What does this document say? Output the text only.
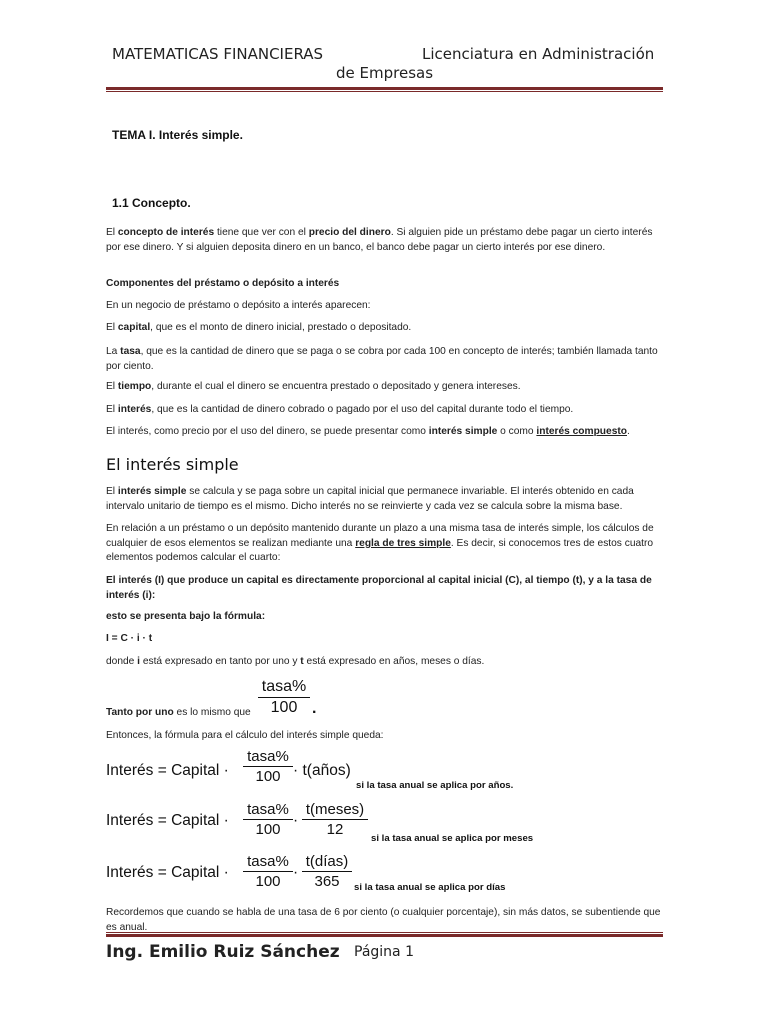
MATEMATICAS FINANCIERAS	Licenciatura en Administración
de Empresas
TEMA I. Interés simple.
1.1 Concepto.
El concepto de interés tiene que ver con el precio del dinero. Si alguien pide un préstamo debe pagar un cierto interés por ese dinero. Y si alguien deposita dinero en un banco, el banco debe pagar un cierto interés por ese dinero.
Componentes del préstamo o depósito a interés
En un negocio de préstamo o depósito a interés aparecen:
El capital, que es el monto de dinero inicial, prestado o depositado.
La tasa, que es la cantidad de dinero que se paga o se cobra por cada 100 en concepto de interés; también llamada tanto por ciento.
El tiempo, durante el cual el dinero se encuentra prestado o depositado y genera intereses.
El interés, que es la cantidad de dinero cobrado o pagado por el uso del capital durante todo el tiempo.
El interés, como precio por el uso del dinero, se puede presentar como interés simple o como interés compuesto.
El interés simple
El interés simple se calcula y se paga sobre un capital inicial que permanece invariable. El interés obtenido en cada intervalo unitario de tiempo es el mismo. Dicho interés no se reinvierte y cada vez se calcula sobre la misma base.
En relación a un préstamo o un depósito mantenido durante un plazo a una misma tasa de interés simple, los cálculos de cualquier de esos elementos se realizan mediante una regla de tres simple. Es decir, si conocemos tres de estos cuatro elementos podemos calcular el cuarto:
El interés (I) que produce un capital es directamente proporcional al capital inicial (C), al tiempo (t), y a la tasa de interés (i):
esto se presenta bajo la fórmula:
I = C · i · t
donde i está expresado en tanto por uno y t está expresado en años, meses o días.
Tanto por uno es lo mismo que
tasa%
100 .
Entonces, la fórmula para el cálculo del interés simple queda:
Interés = Capital ·
tasa%
100 · t(años)
si la tasa anual se aplica por años.
Interés = Capital ·
tasa%
100
·
t(meses)
12
si la tasa anual se aplica por meses
Interés = Capital ·
tasa%
100
·
t(días)
365	si la tasa anual se aplica por días
Recordemos que cuando se habla de una tasa de 6 por ciento (o cualquier porcentaje), sin más datos, se subentiende que es anual.
Ing. Emilio Ruiz Sánchez Página 1
